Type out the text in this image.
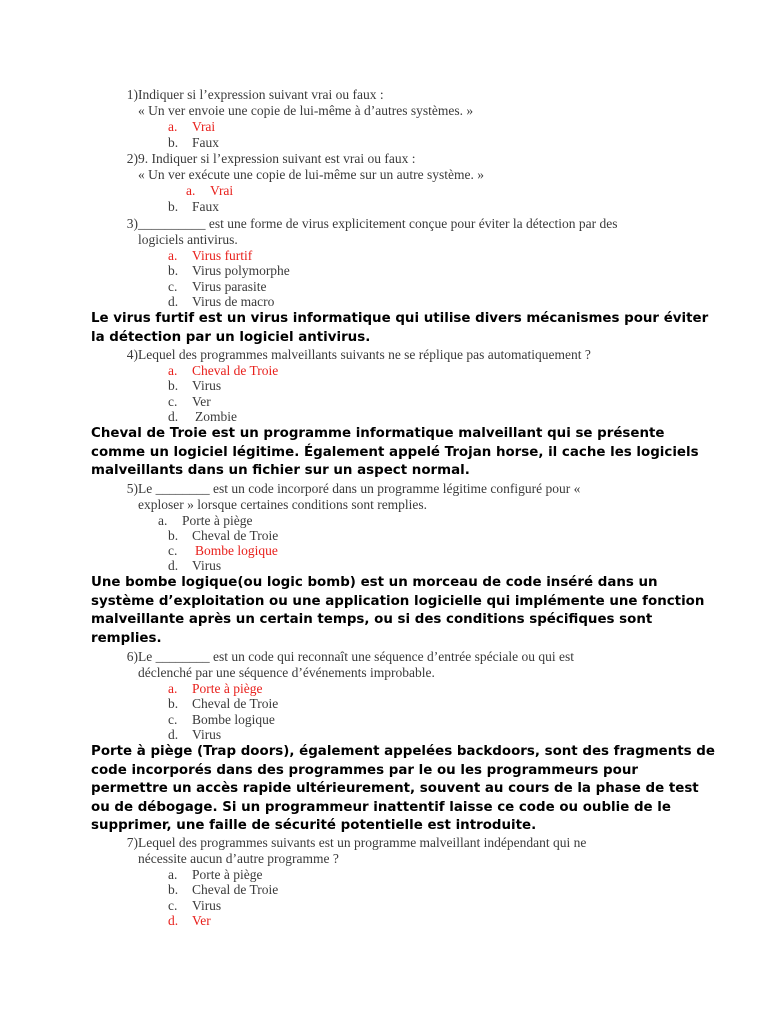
1) Indiquer si l’expression suivant vrai ou faux :
« Un ver envoie une copie de lui-même à d’autres systèmes. »
a. Vrai
b. Faux
2) 9. Indiquer si l’expression suivant est vrai ou faux :
« Un ver exécute une copie de lui-même sur un autre système. »
a. Vrai
b. Faux
3) __________ est une forme de virus explicitement conçue pour éviter la détection par des
logiciels antivirus.
a. Virus furtif
b. Virus polymorphe
c. Virus parasite
d. Virus de macro
Le virus furtif est un virus informatique qui utilise divers mécanismes pour éviter
la détection par un logiciel antivirus.
4) Lequel des programmes malveillants suivants ne se réplique pas automatiquement ?
a. Cheval de Troie
b. Virus
c. Ver
d. Zombie
Cheval de Troie est un programme informatique malveillant qui se présente
comme un logiciel légitime. Également appelé Trojan horse, il cache les logiciels
malveillants dans un fichier sur un aspect normal.
5) Le ________ est un code incorporé dans un programme légitime configuré pour «
exploser » lorsque certaines conditions sont remplies.
a. Porte à piège
b. Cheval de Troie
c. Bombe logique
d. Virus
Une bombe logique(ou logic bomb) est un morceau de code inséré dans un
système d’exploitation ou une application logicielle qui implémente une fonction
malveillante après un certain temps, ou si des conditions spécifiques sont
remplies.
6) Le ________ est un code qui reconnaît une séquence d’entrée spéciale ou qui est
déclenché par une séquence d’événements improbable.
a. Porte à piège
b. Cheval de Troie
c. Bombe logique
d. Virus
Porte à piège (Trap doors), également appelées backdoors, sont des fragments de
code incorporés dans des programmes par le ou les programmeurs pour
permettre un accès rapide ultérieurement, souvent au cours de la phase de test
ou de débogage. Si un programmeur inattentif laisse ce code ou oublie de le
supprimer, une faille de sécurité potentielle est introduite.
7) Lequel des programmes suivants est un programme malveillant indépendant qui ne
nécessite aucun d’autre programme ?
a. Porte à piège
b. Cheval de Troie
c. Virus
d. Ver
